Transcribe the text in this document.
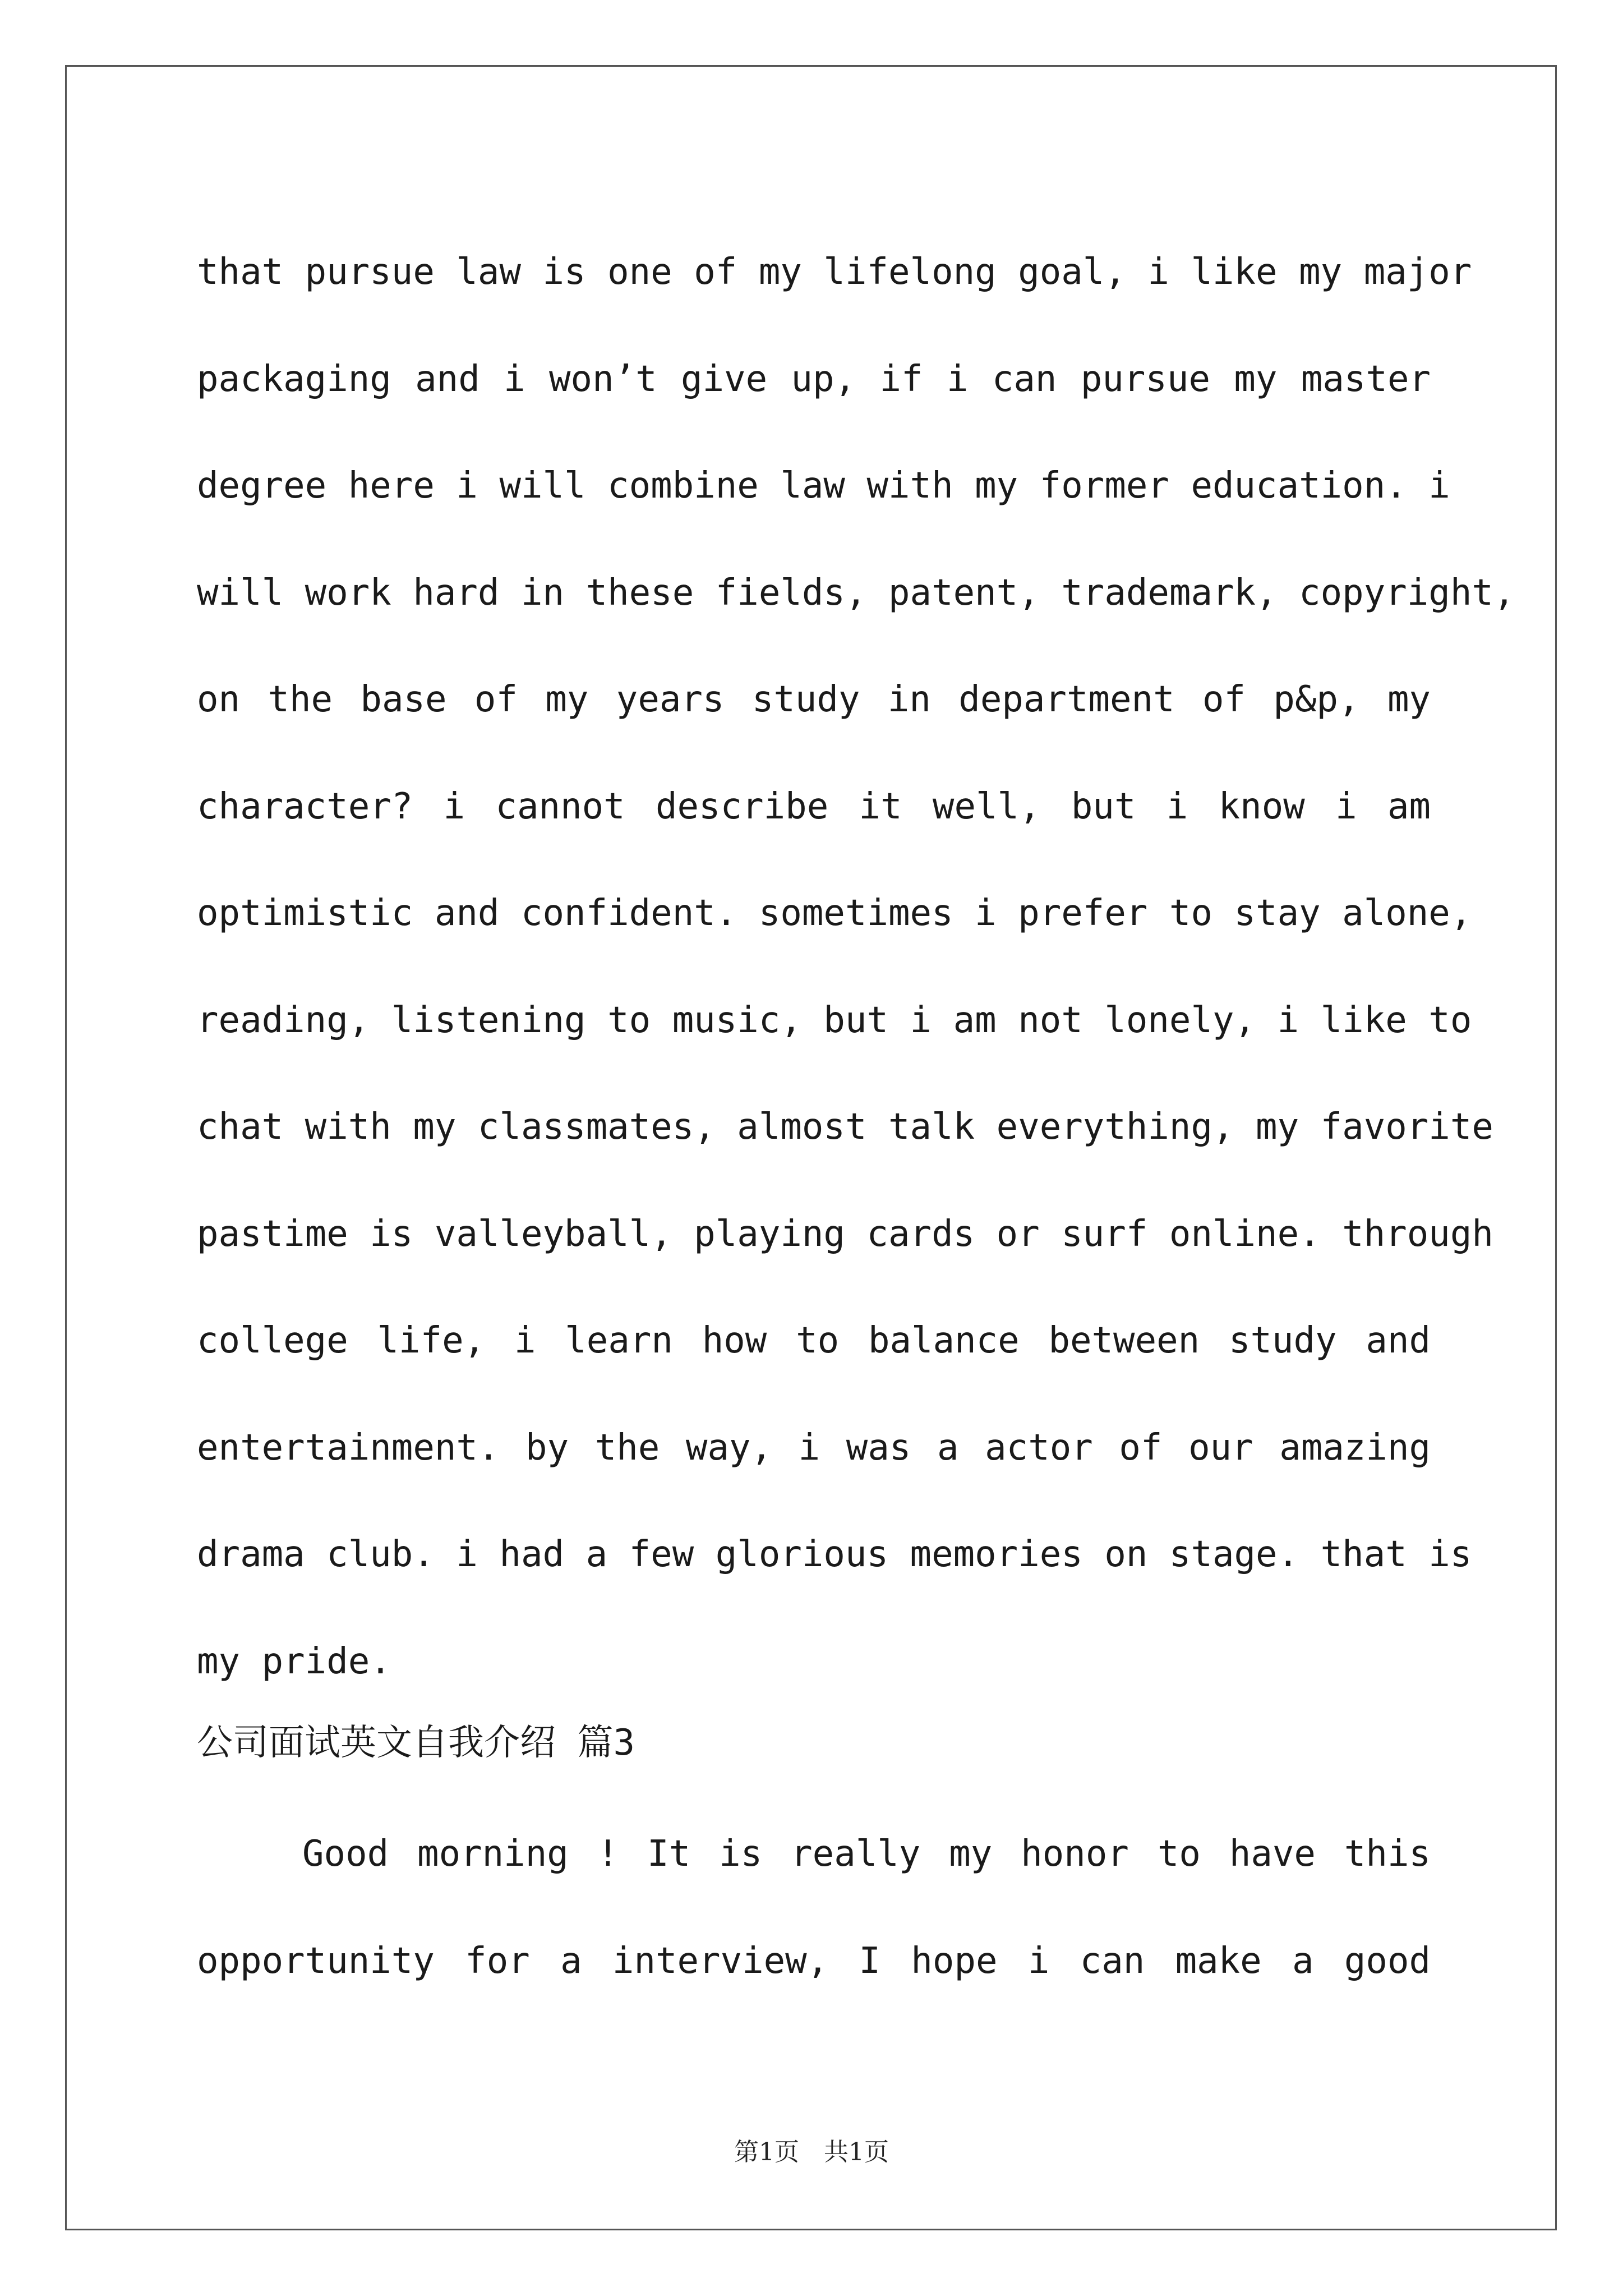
that pursue law is one of my lifelong goal, i like my major
packaging and i won’t give up, if i can pursue my master
degree here i will combine law with my former education. i
will work hard in these fields, patent, trademark, copyright,
on the base of my years study in department of p&p, my
character? i cannot describe it well, but i know i am
optimistic and confident. sometimes i prefer to stay alone,
reading, listening to music, but i am not lonely, i like to
chat with my classmates, almost talk everything, my favorite
pastime is valleyball, playing cards or surf online. through
college life, i learn how to balance between study and
entertainment. by the way, i was a actor of our amazing
drama club. i had a few glorious memories on stage. that is
my pride.
公司面试英文自我介绍 篇3
Good morning ! It is really my honor to have this
opportunity for a interview, I hope i can make a good
第1页　共1页
